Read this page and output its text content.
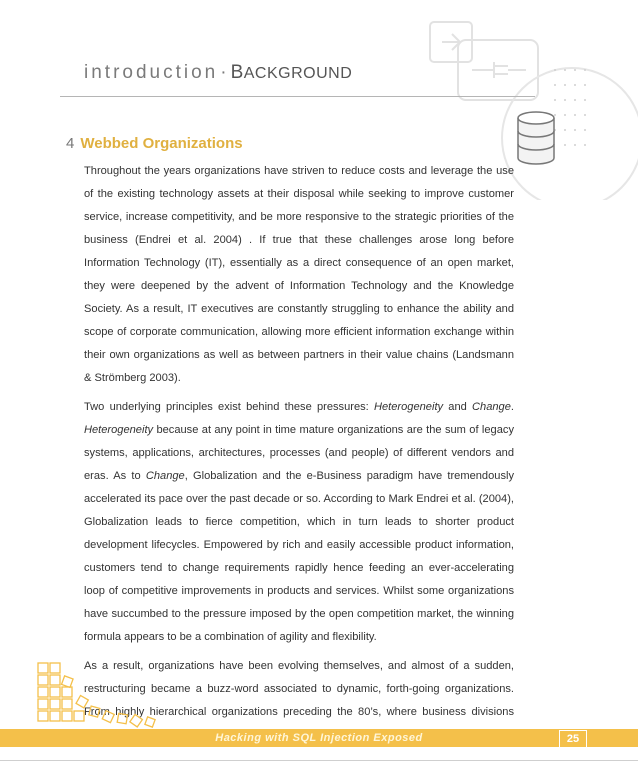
introduction · BACKGROUND
4 Webbed Organizations

Throughout the years organizations have striven to reduce costs and leverage the use of the existing technology assets at their disposal while seeking to improve customer service, increase competitivity, and be more responsive to the strategic priorities of the business (Endrei et al. 2004) . If true that these challenges arose long before Information Technology (IT), essentially as a direct consequence of an open market, they were deepened by the advent of Information Technology and the Knowledge Society. As a result, IT executives are constantly struggling to enhance the ability and scope of corporate communication, allowing more efficient information exchange within their own organizations as well as between partners in their value chains (Landsmann & Strömberg 2003).

Two underlying principles exist behind these pressures: Heterogeneity and Change. Heterogeneity because at any point in time mature organizations are the sum of legacy systems, applications, architectures, processes (and people) of different vendors and eras. As to Change, Globalization and the e-Business paradigm have tremendously accelerated its pace over the past decade or so. According to Mark Endrei et al. (2004), Globalization leads to fierce competition, which in turn leads to shorter product development lifecycles. Empowered by rich and easily accessible product information, customers tend to change requirements rapidly hence feeding an ever-accelerating loop of competitive improvements in products and services. Whilst some organizations have succumbed to the pressure imposed by the open competition market, the winning formula appears to be a combination of agility and flexibility.

As a result, organizations have been evolving themselves, and almost of a sudden, restructuring became a buzz-word associated to dynamic, forth-going organizations. From highly hierarchical organizations preceding the 80’s, where business divisions

Hacking with SQL Injection Exposed	25
